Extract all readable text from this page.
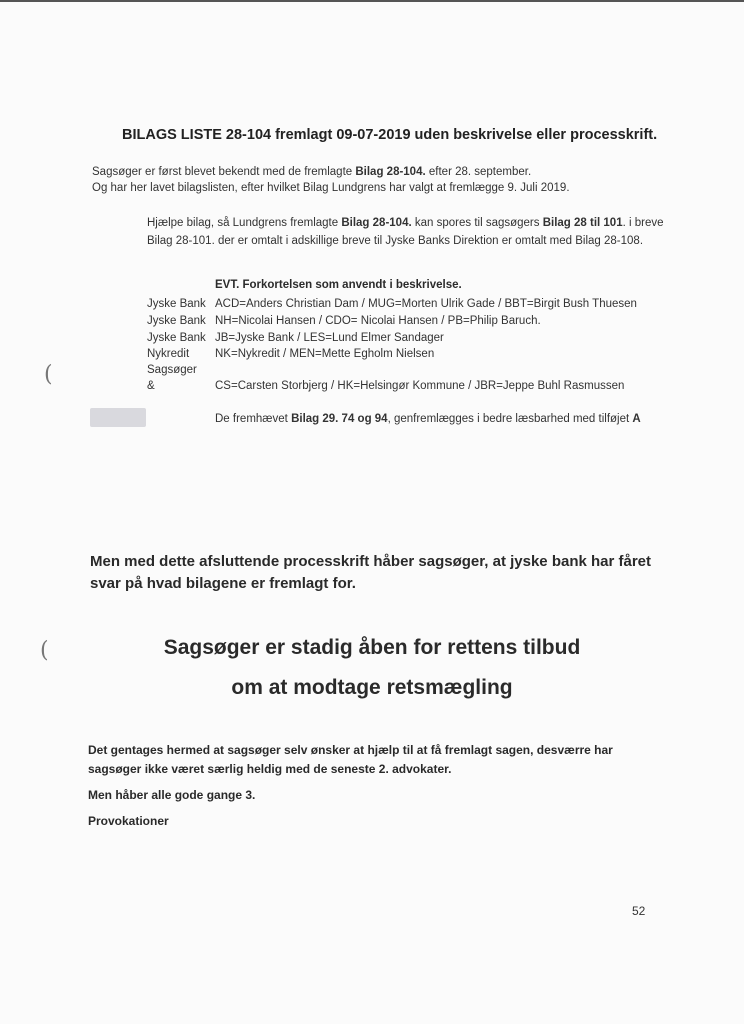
(
(
BILAGS LISTE 28-104 fremlagt 09-07-2019 uden beskrivelse eller processkrift.
Sagsøger er først blevet bekendt med de fremlagte Bilag 28-104. efter 28. september.
Og har her lavet bilagslisten, efter hvilket Bilag Lundgrens har valgt at fremlægge 9. Juli 2019.
Hjælpe bilag, så Lundgrens fremlagte Bilag 28-104. kan spores til sagsøgers Bilag 28 til 101. i breve
Bilag 28-101. der er omtalt i adskillige breve til Jyske Banks Direktion er omtalt med Bilag 28-108.
EVT. Forkortelsen som anvendt i beskrivelse.
Jyske Bank ACD=Anders Christian Dam / MUG=Morten Ulrik Gade / BBT=Birgit Bush Thuesen
Jyske Bank NH=Nicolai Hansen / CDO= Nicolai Hansen / PB=Philip Baruch.
Jyske Bank JB=Jyske Bank / LES=Lund Elmer Sandager
Nykredit NK=Nykredit / MEN=Mette Egholm Nielsen
Sagsøger
&	CS=Carsten Storbjerg / HK=Helsingør Kommune / JBR=Jeppe Buhl Rasmussen
De fremhævet Bilag 29. 74 og 94, genfremlægges i bedre læsbarhed med tilføjet A
Men med dette afsluttende processkrift håber sagsøger, at jyske bank har fåret
svar på hvad bilagene er fremlagt for.
Sagsøger er stadig åben for rettens tilbud
om at modtage retsmægling
Det gentages hermed at sagsøger selv ønsker at hjælp til at få fremlagt sagen, desværre har
sagsøger ikke været særlig heldig med de seneste 2. advokater.
Men håber alle gode gange 3.
Provokationer
52
